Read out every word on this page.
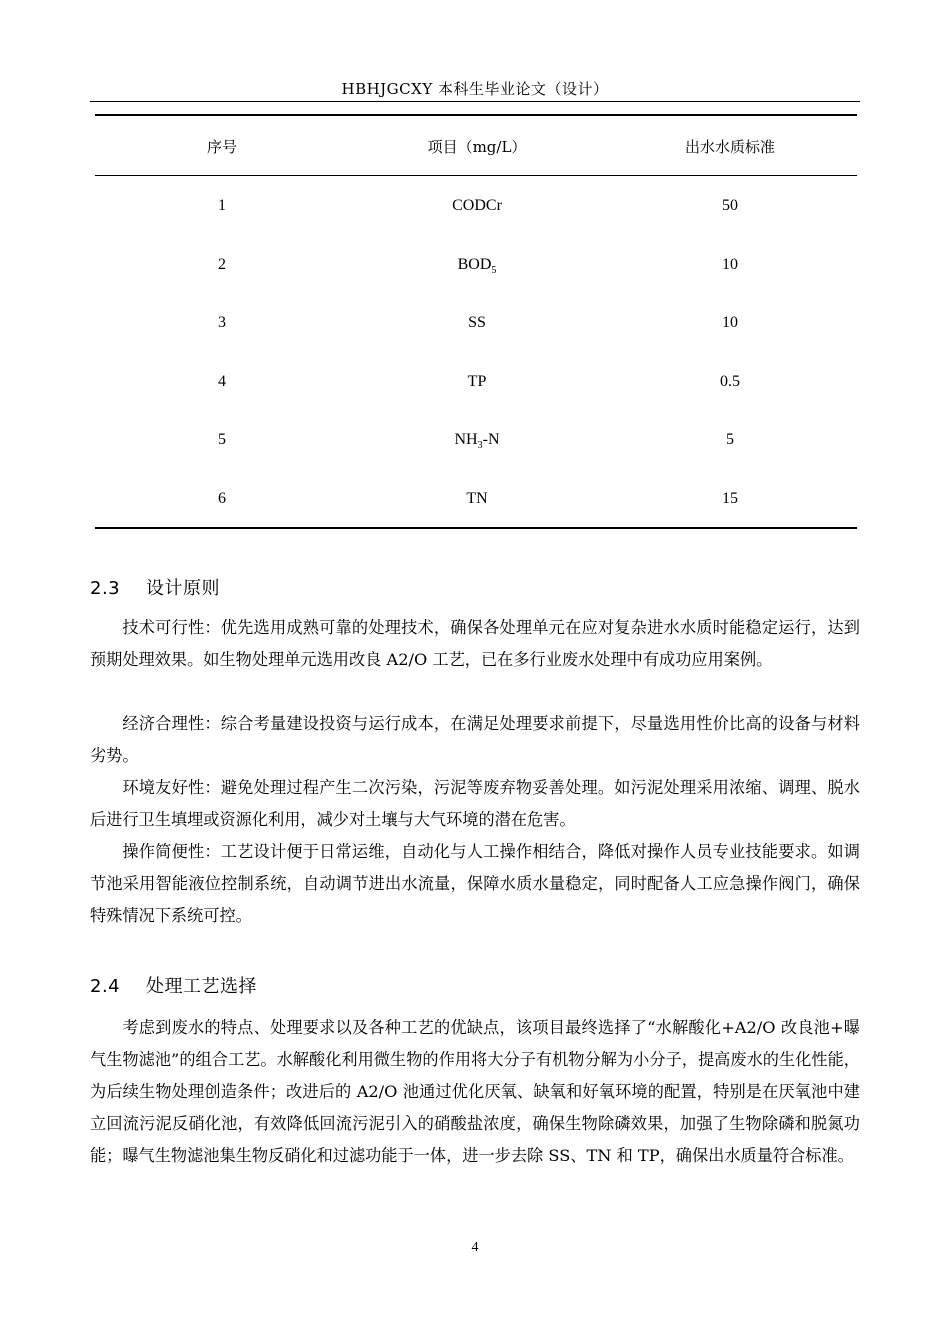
HBHJGCXY 本科生毕业论文（设计）
序号	项目（mg/L）	出水水质标准
1	CODCr	50
2	$BOD_5$	10
3	SS	10
4	TP	0.5
5	$NH_3-N$	5
6	TN	15
2.3 设计原则

技术可行性：优先选用成熟可靠的处理技术，确保各处理单元在应对复杂进水水质时能稳定运行，达到预期处理效果。如生物处理单元选用改良 A2/O 工艺，已在多行业废水处理中有成功应用案例。

经济合理性：综合考量建设投资与运行成本，在满足处理要求前提下，尽量选用性价比高的设备与材料劣势。

环境友好性：避免处理过程产生二次污染，污泥等废弃物妥善处理。如污泥处理采用浓缩、调理、脱水后进行卫生填埋或资源化利用，减少对土壤与大气环境的潜在危害。

操作简便性：工艺设计便于日常运维，自动化与人工操作相结合，降低对操作人员专业技能要求。如调节池采用智能液位控制系统，自动调节进出水流量，保障水质水量稳定，同时配备人工应急操作阀门，确保特殊情况下系统可控。

2.4 处理工艺选择

考虑到废水的特点、处理要求以及各种工艺的优缺点，该项目最终选择了“水解酸化+A2/O 改良池+曝气生物滤池”的组合工艺。水解酸化利用微生物的作用将大分子有机物分解为小分子，提高废水的生化性能，为后续生物处理创造条件；改进后的 A2/O 池通过优化厌氧、缺氧和好氧环境的配置，特别是在厌氧池中建立回流污泥反硝化池，有效降低回流污泥引入的硝酸盐浓度，确保生物除磷效果，加强了生物除磷和脱氮功能；曝气生物滤池集生物反硝化和过滤功能于一体，进一步去除 SS、TN 和 TP，确保出水质量符合标准。

4
